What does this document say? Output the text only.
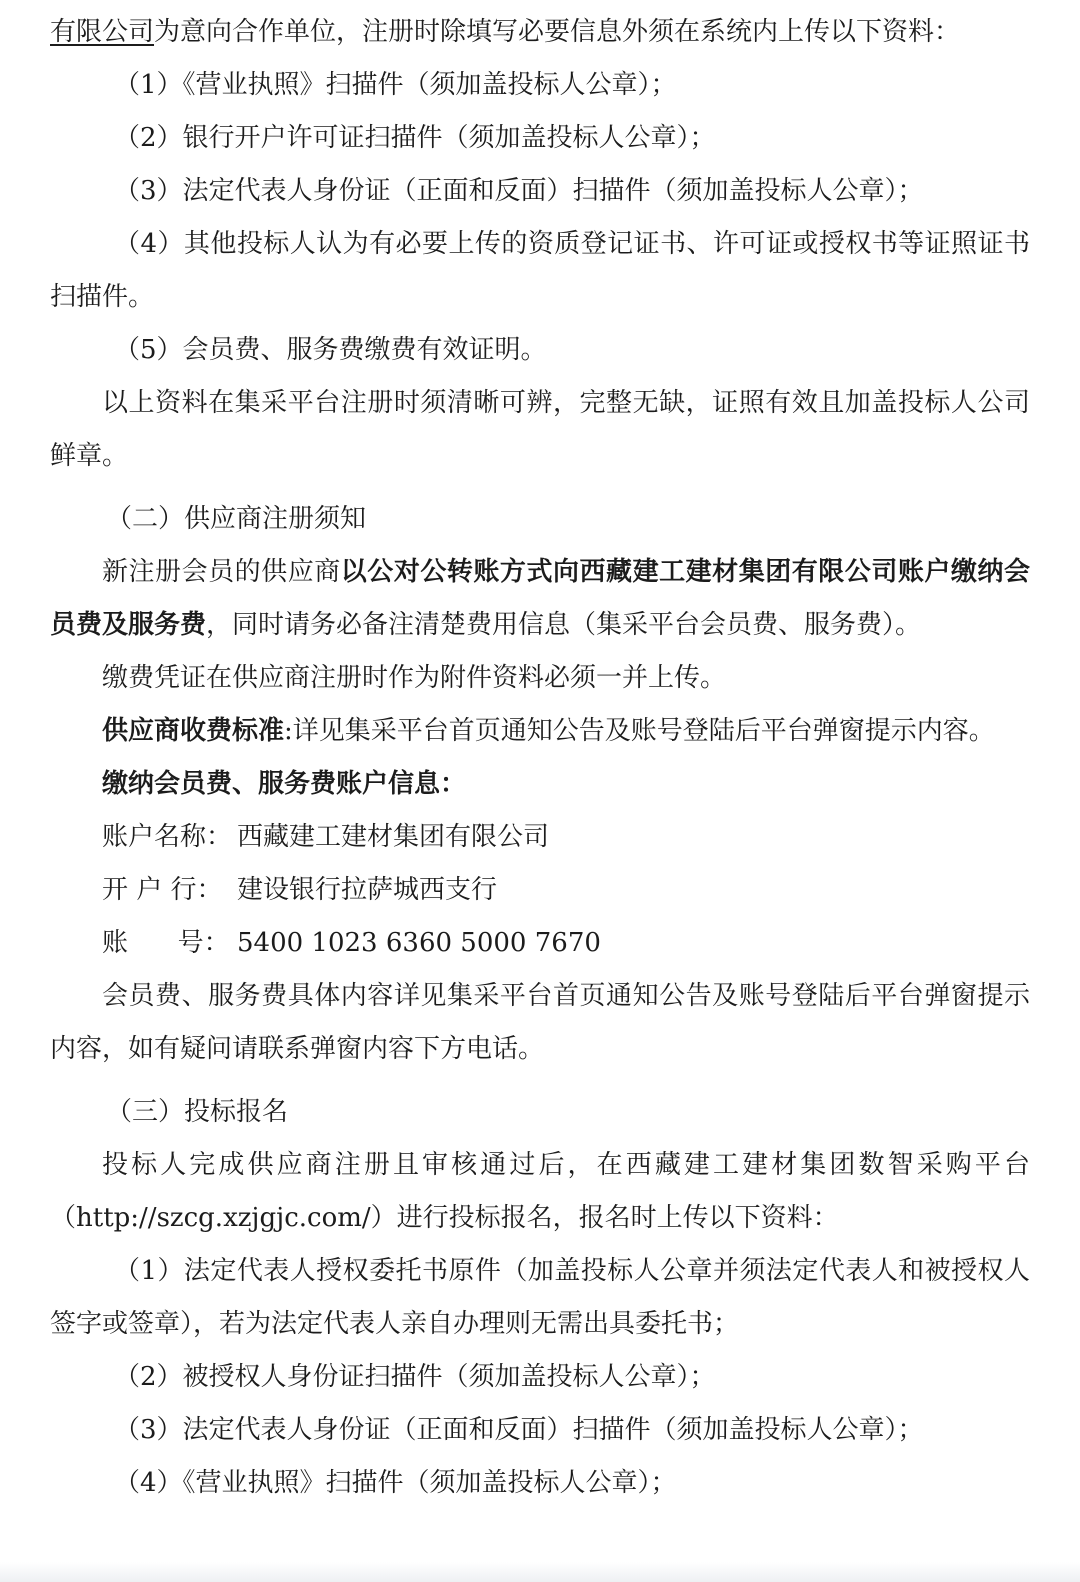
有限公司为意向合作单位，注册时除填写必要信息外须在系统内上传以下资料：

（1）《营业执照》扫描件（须加盖投标人公章）；

（2）银行开户许可证扫描件（须加盖投标人公章）；

（3）法定代表人身份证（正面和反面）扫描件（须加盖投标人公章）；

（4）其他投标人认为有必要上传的资质登记证书、许可证或授权书等证照证书扫描件。

（5）会员费、服务费缴费有效证明。

以上资料在集采平台注册时须清晰可辨，完整无缺，证照有效且加盖投标人公司鲜章。

（二）供应商注册须知

新注册会员的供应商以公对公转账方式向西藏建工建材集团有限公司账户缴纳会员费及服务费，同时请务必备注清楚费用信息（集采平台会员费、服务费）。

缴费凭证在供应商注册时作为附件资料必须一并上传。

供应商收费标准:详见集采平台首页通知公告及账号登陆后平台弹窗提示内容。

缴纳会员费、服务费账户信息：

账户名称： 西藏建工建材集团有限公司

开 户 行： 建设银行拉萨城西支行

账      号： 5400 1023 6360 5000 7670

会员费、服务费具体内容详见集采平台首页通知公告及账号登陆后平台弹窗提示内容，如有疑问请联系弹窗内容下方电话。

（三）投标报名

投标人完成供应商注册且审核通过后，在西藏建工建材集团数智采购平台（http://szcg.xzjgjc.com/）进行投标报名，报名时上传以下资料：

（1）法定代表人授权委托书原件（加盖投标人公章并须法定代表人和被授权人签字或签章），若为法定代表人亲自办理则无需出具委托书；

（2）被授权人身份证扫描件（须加盖投标人公章）；

（3）法定代表人身份证（正面和反面）扫描件（须加盖投标人公章）；

（4）《营业执照》扫描件（须加盖投标人公章）；
